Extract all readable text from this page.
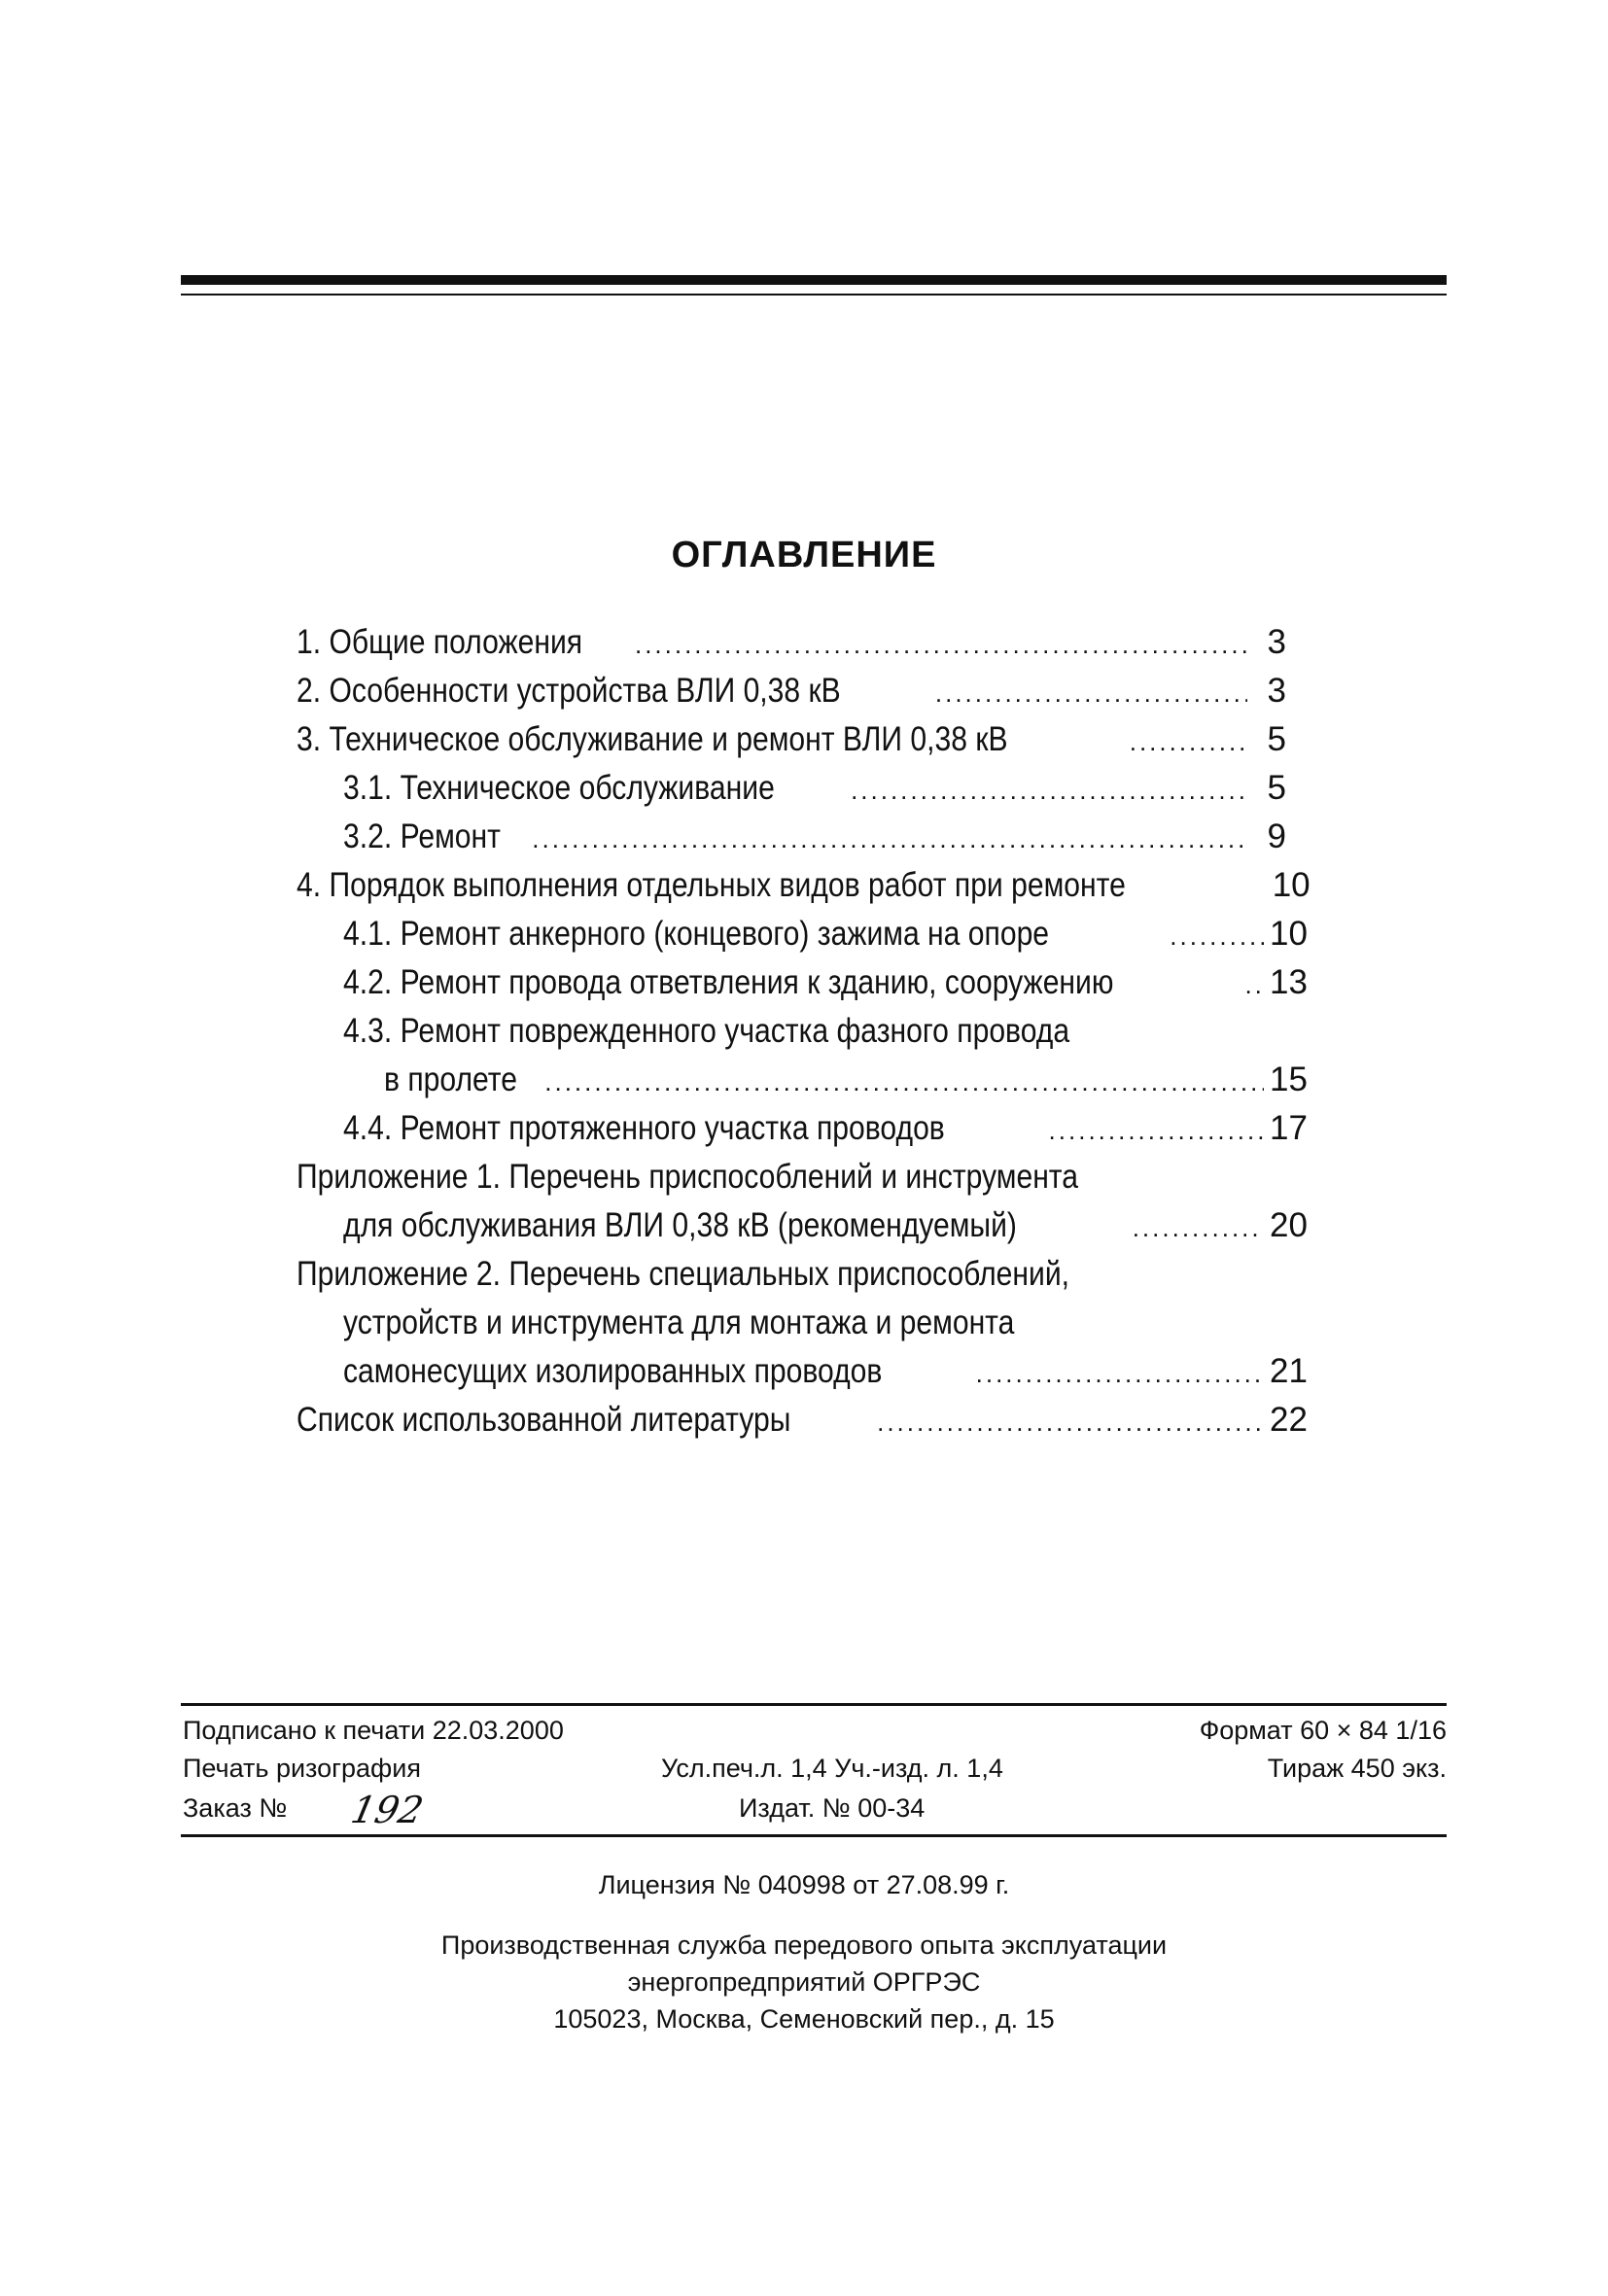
ОГЛАВЛЕНИЕ
1. Общие положения .....	3
2. Особенности устройства ВЛИ 0,38 кВ .....	3
3. Техническое обслуживание и ремонт ВЛИ 0,38 кВ .....	5
3.1. Техническое обслуживание .....	5
3.2. Ремонт .....	9
4. Порядок выполнения отдельных видов работ при ремонте	10
4.1. Ремонт анкерного (концевого) зажима на опоре .....	10
4.2. Ремонт провода ответвления к зданию, сооружению .....	13
4.3. Ремонт поврежденного участка фазного провода
в пролете .....	15
4.4. Ремонт протяженного участка проводов .....	17
Приложение 1. Перечень приспособлений и инструмента
для обслуживания ВЛИ 0,38 кВ (рекомендуемый) .....	20
Приложение 2. Перечень специальных приспособлений,
устройств и инструмента для монтажа и ремонта
самонесущих изолированных проводов .....	21
Список использованной литературы .....	22
Подписано к печати 22.03.2000	Формат 60 × 84 1/16
Печать ризография	Усл.печ.л. 1,4 Уч.-изд. л. 1,4	Тираж 450 экз.
Заказ № 192	Издат. № 00-34
Лицензия № 040998 от 27.08.99 г.
Производственная служба передового опыта эксплуатации
энергопредприятий ОРГРЭС
105023, Москва, Семеновский пер., д. 15
